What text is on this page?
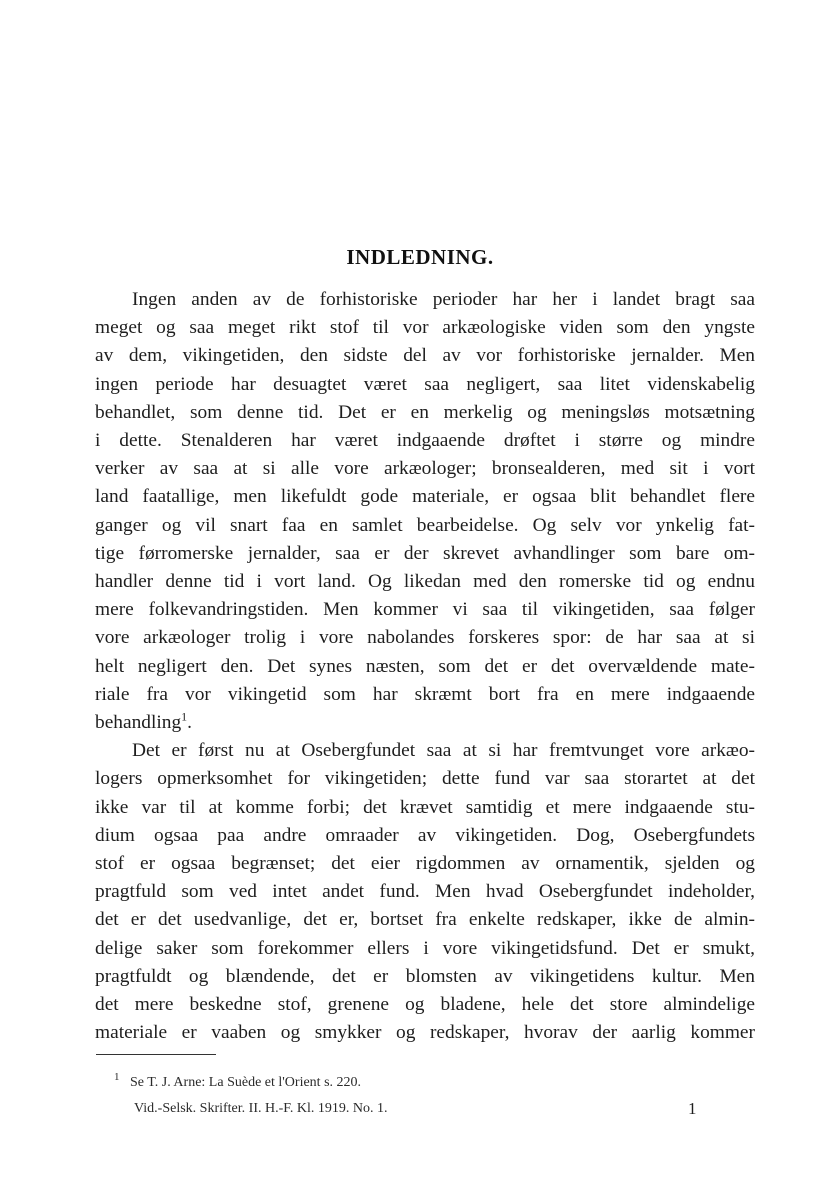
INDLEDNING.
Ingen anden av de forhistoriske perioder har her i landet bragt saa
meget og saa meget rikt stof til vor arkæologiske viden som den yngste
av dem, vikingetiden, den sidste del av vor forhistoriske jernalder. Men
ingen periode har desuagtet været saa negligert, saa litet videnskabelig
behandlet, som denne tid. Det er en merkelig og meningsløs motsætning
i dette. Stenalderen har været indgaaende drøftet i større og mindre
verker av saa at si alle vore arkæologer; bronsealderen, med sit i vort
land faatallige, men likefuldt gode materiale, er ogsaa blit behandlet flere
ganger og vil snart faa en samlet bearbeidelse. Og selv vor ynkelig fat-
tige førromerske jernalder, saa er der skrevet avhandlinger som bare om-
handler denne tid i vort land. Og likedan med den romerske tid og endnu
mere folkevandringstiden. Men kommer vi saa til vikingetiden, saa følger
vore arkæologer trolig i vore nabolandes forskeres spor: de har saa at si
helt negligert den. Det synes næsten, som det er det overvældende mate-
riale fra vor vikingetid som har skræmt bort fra en mere indgaaende
behandling$^1$.
Det er først nu at Osebergfundet saa at si har fremtvunget vore arkæo-
logers opmerksomhet for vikingetiden; dette fund var saa storartet at det
ikke var til at komme forbi; det krævet samtidig et mere indgaaende stu-
dium ogsaa paa andre omraader av vikingetiden. Dog, Osebergfundets
stof er ogsaa begrænset; det eier rigdommen av ornamentik, sjelden og
pragtfuld som ved intet andet fund. Men hvad Osebergfundet indeholder,
det er det usedvanlige, det er, bortset fra enkelte redskaper, ikke de almin-
delige saker som forekommer ellers i vore vikingetidsfund. Det er smukt,
pragtfuldt og blændende, det er blomsten av vikingetidens kultur. Men
det mere beskedne stof, grenene og bladene, hele det store almindelige
materiale er vaaben og smykker og redskaper, hvorav der aarlig kommer
1 Se T. J. Arne: La Suède et l'Orient s. 220.
Vid.-Selsk. Skrifter. II. H.-F. Kl. 1919. No. 1.	1
